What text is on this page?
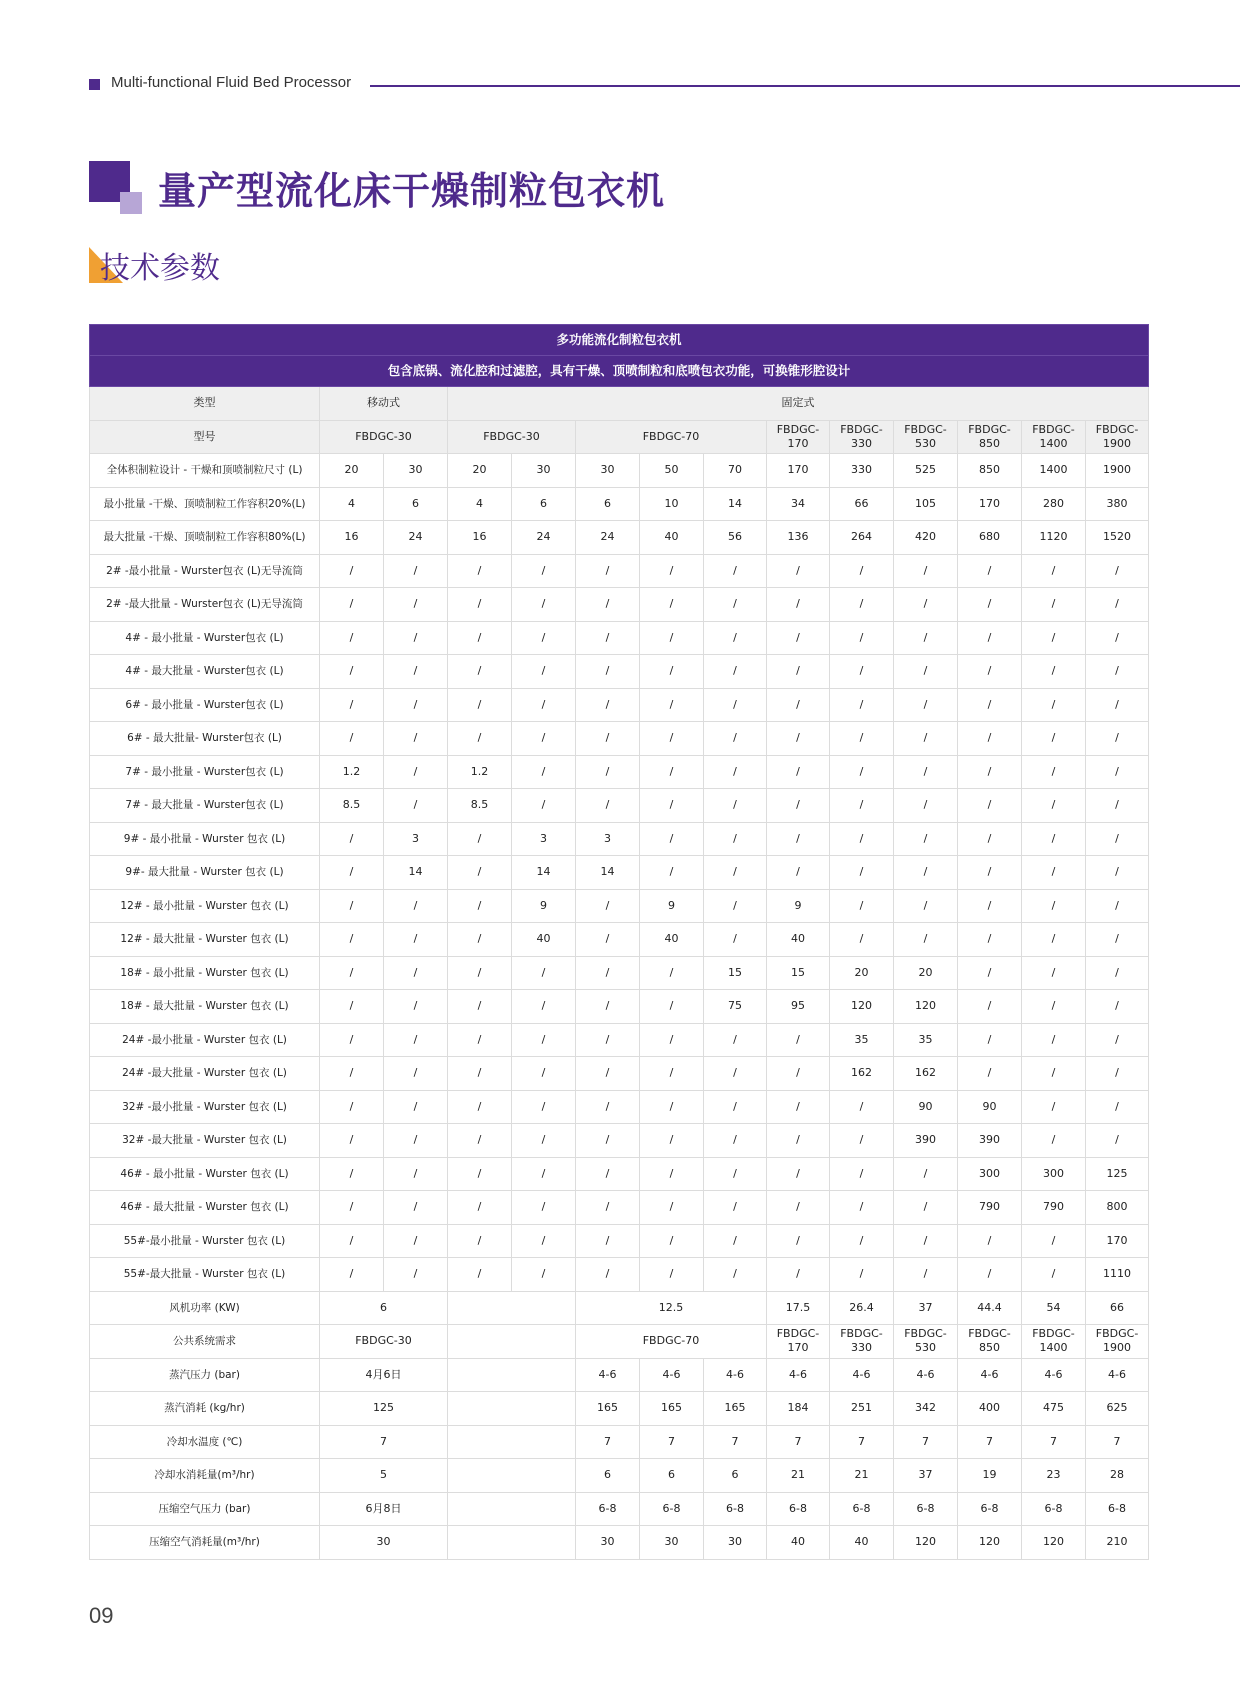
Multi-functional Fluid Bed Processor
量产型流化床干燥制粒包衣机
技术参数
多功能流化制粒包衣机													
包含底锅、流化腔和过滤腔，具有干燥、顶喷制粒和底喷包衣功能，可换锥形腔设计													
类型	移动式		固定式										
型号	FBDGC-30		FBDGC-30		FBDGC-70			FBDGC-170	FBDGC-330	FBDGC-530	FBDGC-850	FBDGC-1400	FBDGC-1900
全体积制粒设计 - 干燥和顶喷制粒尺寸 (L)	20	30	20	30	30	50	70	170	330	525	850	1400	1900
最小批量 -干燥、顶喷制粒工作容积20%(L)	4	6	4	6	6	10	14	34	66	105	170	280	380
最大批量 -干燥、顶喷制粒工作容积80%(L)	16	24	16	24	24	40	56	136	264	420	680	1120	1520
2# -最小批量 - Wurster包衣 (L)无导流筒	/	/	/	/	/	/	/	/	/	/	/	/	/
2# -最大批量 - Wurster包衣 (L)无导流筒	/	/	/	/	/	/	/	/	/	/	/	/	/
4# - 最小批量 - Wurster包衣 (L)	/	/	/	/	/	/	/	/	/	/	/	/	/
4# - 最大批量 - Wurster包衣 (L)	/	/	/	/	/	/	/	/	/	/	/	/	/
6# - 最小批量 - Wurster包衣 (L)	/	/	/	/	/	/	/	/	/	/	/	/	/
6# - 最大批量- Wurster包衣 (L)	/	/	/	/	/	/	/	/	/	/	/	/	/
7# - 最小批量 - Wurster包衣 (L)	1.2	/	1.2	/	/	/	/	/	/	/	/	/	/
7# - 最大批量 - Wurster包衣 (L)	8.5	/	8.5	/	/	/	/	/	/	/	/	/	/
9# - 最小批量 - Wurster 包衣 (L)	/	3	/	3	3	/	/	/	/	/	/	/	/
9#- 最大批量 - Wurster 包衣 (L)	/	14	/	14	14	/	/	/	/	/	/	/	/
12# - 最小批量 - Wurster 包衣 (L)	/	/	/	9	/	9	/	9	/	/	/	/	/
12# - 最大批量 - Wurster 包衣 (L)	/	/	/	40	/	40	/	40	/	/	/	/	/
18# - 最小批量 - Wurster 包衣 (L)	/	/	/	/	/	/	15	15	20	20	/	/	/
18# - 最大批量 - Wurster 包衣 (L)	/	/	/	/	/	/	75	95	120	120	/	/	/
24# -最小批量 - Wurster 包衣 (L)	/	/	/	/	/	/	/	/	35	35	/	/	/
24# -最大批量 - Wurster 包衣 (L)	/	/	/	/	/	/	/	/	162	162	/	/	/
32# -最小批量 - Wurster 包衣 (L)	/	/	/	/	/	/	/	/	/	90	90	/	/
32# -最大批量 - Wurster 包衣 (L)	/	/	/	/	/	/	/	/	/	390	390	/	/
46# - 最小批量 - Wurster 包衣 (L)	/	/	/	/	/	/	/	/	/	/	300	300	125
46# - 最大批量 - Wurster 包衣 (L)	/	/	/	/	/	/	/	/	/	/	790	790	800
55#-最小批量 - Wurster 包衣 (L)	/	/	/	/	/	/	/	/	/	/	/	/	170
55#-最大批量 - Wurster 包衣 (L)	/	/	/	/	/	/	/	/	/	/	/	/	1110
风机功率 (KW)	6				12.5			17.5	26.4	37	44.4	54	66
公共系统需求	FBDGC-30				FBDGC-70			FBDGC-170	FBDGC-330	FBDGC-530	FBDGC-850	FBDGC-1400	FBDGC-1900
蒸汽压力 (bar)	4月6日				4-6	4-6	4-6	4-6	4-6	4-6	4-6	4-6	4-6
蒸汽消耗 (kg/hr)	125				165	165	165	184	251	342	400	475	625
冷却水温度 (℃)	7				7	7	7	7	7	7	7	7	7
冷却水消耗量(m³/hr)	5				6	6	6	21	21	37	19	23	28
压缩空气压力 (bar)	6月8日				6-8	6-8	6-8	6-8	6-8	6-8	6-8	6-8	6-8
压缩空气消耗量(m³/hr)	30				30	30	30	40	40	120	120	120	210
09
